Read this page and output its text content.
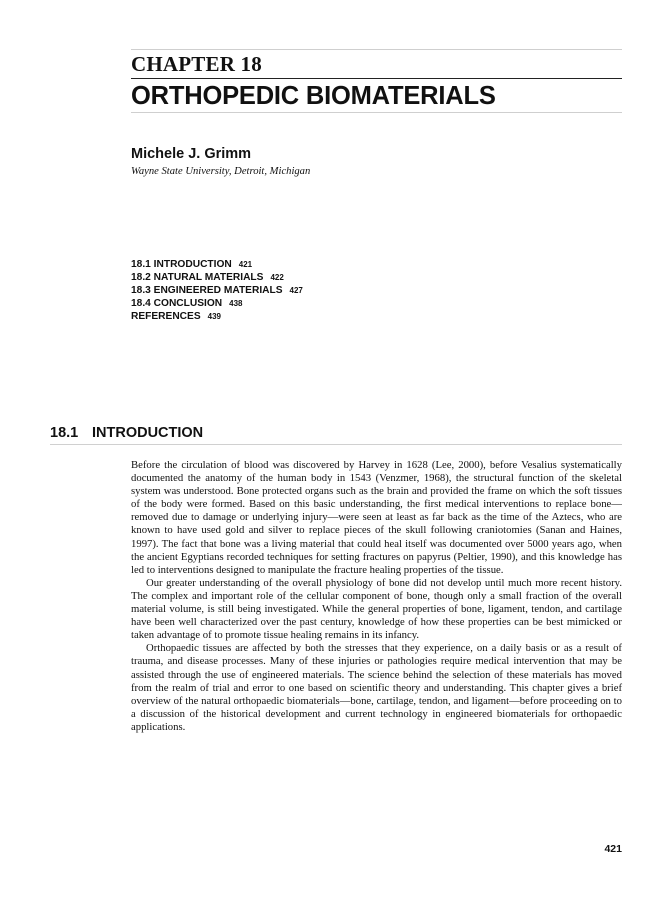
CHAPTER 18
ORTHOPEDIC BIOMATERIALS
Michele J. Grimm
Wayne State University, Detroit, Michigan
18.1 INTRODUCTION 421
18.2 NATURAL MATERIALS 422
18.3 ENGINEERED MATERIALS 427
18.4 CONCLUSION 438
REFERENCES 439
18.1 INTRODUCTION

Before the circulation of blood was discovered by Harvey in 1628 (Lee, 2000), before Vesalius systematically documented the anatomy of the human body in 1543 (Venzmer, 1968), the structural function of the skeletal system was understood. Bone protected organs such as the brain and provided the frame on which the soft tissues of the body were formed. Based on this basic understanding, the first medical interventions to replace bone—removed due to damage or underlying injury—were seen at least as far back as the time of the Aztecs, who are known to have used gold and silver to replace pieces of the skull following craniotomies (Sanan and Haines, 1997). The fact that bone was a living material that could heal itself was documented over 5000 years ago, when the ancient Egyptians recorded techniques for setting fractures on papyrus (Peltier, 1990), and this knowledge has led to interventions designed to manipulate the fracture healing properties of the tissue.

Our greater understanding of the overall physiology of bone did not develop until much more recent history. The complex and important role of the cellular component of bone, though only a small fraction of the overall material volume, is still being investigated. While the general properties of bone, ligament, tendon, and cartilage have been well characterized over the past century, knowledge of how these properties can be best mimicked or taken advantage of to promote tissue healing remains in its infancy.

Orthopaedic tissues are affected by both the stresses that they experience, on a daily basis or as a result of trauma, and disease processes. Many of these injuries or pathologies require medical intervention that may be assisted through the use of engineered materials. The science behind the selection of these materials has moved from the realm of trial and error to one based on scientific theory and understanding. This chapter gives a brief overview of the natural orthopaedic biomaterials—bone, cartilage, tendon, and ligament—before proceeding on to a discussion of the historical development and current technology in engineered biomaterials for orthopaedic applications.

421
